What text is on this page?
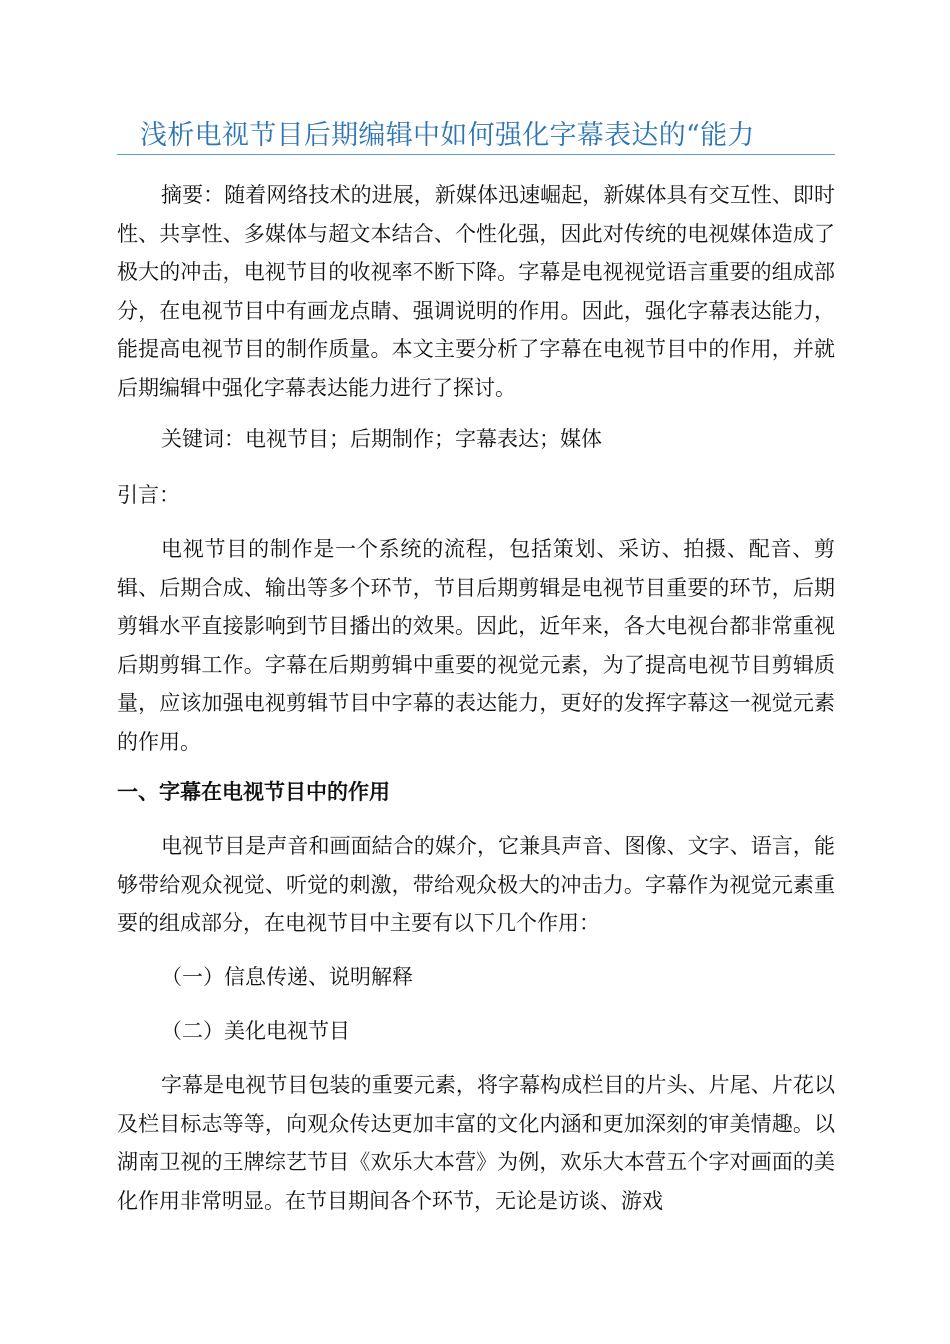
浅析电视节目后期编辑中如何强化字幕表达的“能力

摘要：随着网络技术的进展，新媒体迅速崛起，新媒体具有交互性、即时性、共享性、多媒体与超文本结合、个性化强，因此对传统的电视媒体造成了极大的冲击，电视节目的收视率不断下降。字幕是电视视觉语言重要的组成部分，在电视节目中有画龙点睛、强调说明的作用。因此，强化字幕表达能力，能提高电视节目的制作质量。本文主要分析了字幕在电视节目中的作用，并就后期编辑中强化字幕表达能力进行了探讨。

关键词：电视节目；后期制作；字幕表达；媒体

引言：

电视节目的制作是一个系统的流程，包括策划、采访、拍摄、配音、剪辑、后期合成、输出等多个环节，节目后期剪辑是电视节目重要的环节，后期剪辑水平直接影响到节目播出的效果。因此，近年来，各大电视台都非常重视后期剪辑工作。字幕在后期剪辑中重要的视觉元素，为了提高电视节目剪辑质量，应该加强电视剪辑节目中字幕的表达能力，更好的发挥字幕这一视觉元素的作用。

一、字幕在电视节目中的作用

电视节目是声音和画面結合的媒介，它兼具声音、图像、文字、语言，能够带给观众视觉、听觉的刺激，带给观众极大的冲击力。字幕作为视觉元素重要的组成部分，在电视节目中主要有以下几个作用：

（一）信息传递、说明解释

（二）美化电视节目

字幕是电视节目包装的重要元素，将字幕构成栏目的片头、片尾、片花以及栏目标志等等，向观众传达更加丰富的文化内涵和更加深刻的审美情趣。以湖南卫视的王牌综艺节目《欢乐大本营》为例，欢乐大本营五个字对画面的美化作用非常明显。在节目期间各个环节，无论是访谈、游戏
